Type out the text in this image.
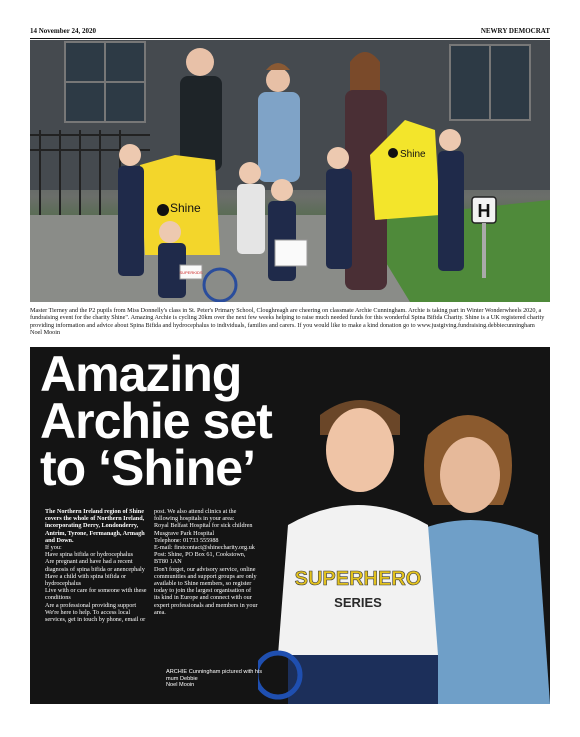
14 November 24, 2020	NEWRY DEMOCRAT
H
Shine
Shine
SUPERKIDS
Master Tierney and the P2 pupils from Miss Donnelly's class in St. Peter's Primary School, Cloughreagh are cheering on classmate Archie Cunningham. Archie is taking part in Winter Wonderwheels 2020, a fundraising event for the charity Shine". Amazing Archie is cycling 20km over the next few weeks helping to raise much needed funds for this wonderful Spina Bifida Charity. Shine is a UK registered charity providing information and advice about Spina Bifida and hydrocephalus to individuals, families and carers. If you would like to make a kind donation go to www.justgiving.fundraising.debbiecunningham
Noel Mooin
Amazing
Archie set
to ‘Shine’

The Northern Ireland region of Shine covers the whole of Northern Ireland, incorporating Derry, Londonderry, Antrim, Tyrone, Fermanagh, Armagh and Down.

If you:

Have spina bifida or hydrocephalus

Are pregnant and have had a recent diagnosis of spina bifida or anencephaly

Have a child with spina bifida or hydrocephalus

Live with or care for someone with these conditions

Are a professional providing support

We're here to help. To access local services, get in touch by phone, email or

post. We also attend clinics at the following hospitals in your area:

Royal Belfast Hospital for sick children

Musgrave Park Hospital

Telephone: 01733 555988

E-mail: firstcontact@shinecharity.org.uk

Post: Shine, PO Box 61, Cookstown, BT80 1AN

Don't forget, our advisory service, online communities and support groups are only available to Shine members, so register today to join the largest organisation of its kind in Europe and connect with our expert professionals and members in your area.

SUPERHERO
SERIES
ARCHIE Cunningham pictured with his mum Debbie
Noel Mooin
